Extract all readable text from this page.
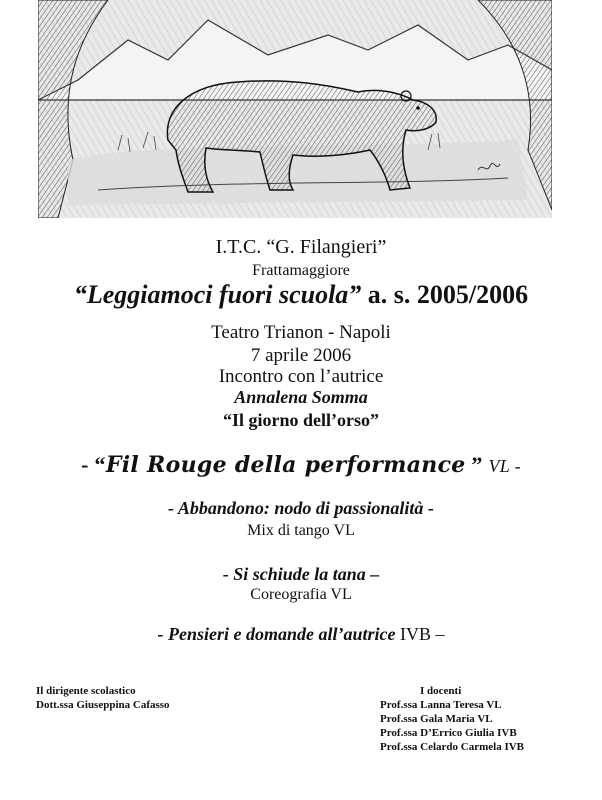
I.T.C. “G. Filangieri”
Frattamaggiore
“Leggiamoci fuori scuola” a. s. 2005/2006
Teatro Trianon - Napoli
7 aprile 2006
Incontro con l’autrice
Annalena Somma
“Il giorno dell’orso”
- “Fil Rouge della performance ” VL -
- Abbandono: nodo di passionalità -
Mix di tango VL
- Si schiude la tana –
Coreografia VL
- Pensieri e domande all’autrice IVB –
Il dirigente scolastico
Dott.ssa Giuseppina Cafasso
I docenti
Prof.ssa Lanna Teresa VL
Prof.ssa Gala Maria VL
Prof.ssa D’Errico Giulia IVB
Prof.ssa Celardo Carmela IVB
